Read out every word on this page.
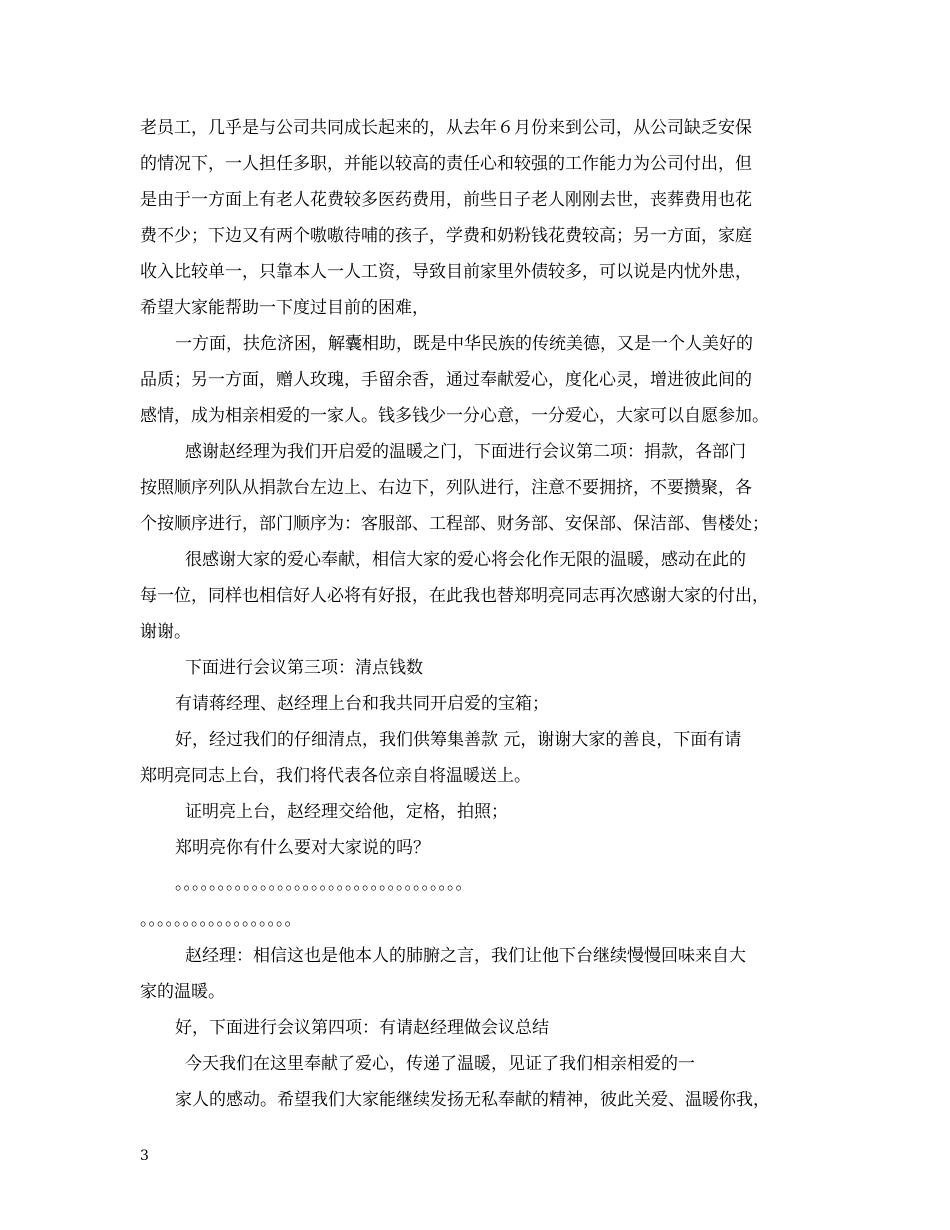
老员工，几乎是与公司共同成长起来的，从去年６月份来到公司，从公司缺乏安保
的情况下，一人担任多职，并能以较高的责任心和较强的工作能力为公司付出，但
是由于一方面上有老人花费较多医药费用，前些日子老人刚刚去世，丧葬费用也花
费不少；下边又有两个嗷嗷待哺的孩子，学费和奶粉钱花费较高；另一方面，家庭
收入比较单一，只靠本人一人工资，导致目前家里外债较多，可以说是内忧外患，
希望大家能帮助一下度过目前的困难，
一方面，扶危济困，解囊相助，既是中华民族的传统美德，又是一个人美好的
品质；另一方面，赠人玫瑰，手留余香，通过奉献爱心，度化心灵，增进彼此间的
感情，成为相亲相爱的一家人。钱多钱少一分心意，一分爱心，大家可以自愿参加。
感谢赵经理为我们开启爱的温暖之门，下面进行会议第二项：捐款，各部门
按照顺序列队从捐款台左边上、右边下，列队进行，注意不要拥挤，不要攒聚，各
个按顺序进行，部门顺序为：客服部、工程部、财务部、安保部、保洁部、售楼处；
很感谢大家的爱心奉献，相信大家的爱心将会化作无限的温暖，感动在此的
每一位，同样也相信好人必将有好报，在此我也替郑明亮同志再次感谢大家的付出，
谢谢。
下面进行会议第三项：清点钱数
有请蒋经理、赵经理上台和我共同开启爱的宝箱；
好，经过我们的仔细清点，我们供筹集善款 元，谢谢大家的善良，下面有请
郑明亮同志上台，我们将代表各位亲自将温暖送上。
证明亮上台，赵经理交给他，定格，拍照；
郑明亮你有什么要对大家说的吗？
。。。。。。。。。。。。。。。。。。。。。。。。。。。。。。。。。。
。。。。。。。。。。。。。。。。。。
赵经理：相信这也是他本人的肺腑之言，我们让他下台继续慢慢回味来自大
家的温暖。
好，下面进行会议第四项：有请赵经理做会议总结
今天我们在这里奉献了爱心，传递了温暖，见证了我们相亲相爱的一
家人的感动。希望我们大家能继续发扬无私奉献的精神，彼此关爱、温暖你我，
3
